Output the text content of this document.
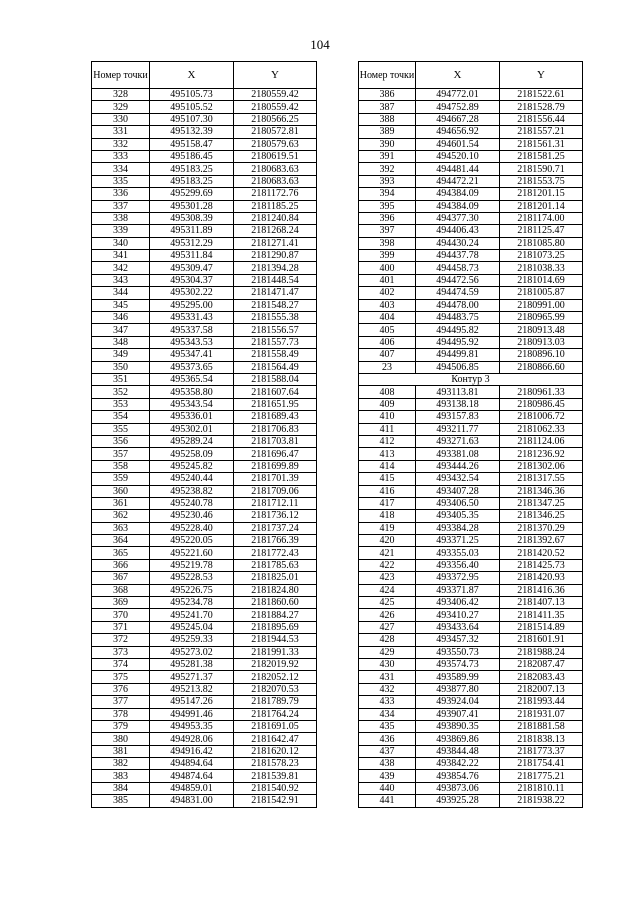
104
Номер точки	X	Y
328	495105.73	2180559.42
329	495105.52	2180559.42
330	495107.30	2180566.25
331	495132.39	2180572.81
332	495158.47	2180579.63
333	495186.45	2180619.51
334	495183.25	2180683.63
335	495183.25	2180683.63
336	495299.69	2181172.76
337	495301.28	2181185.25
338	495308.39	2181240.84
339	495311.89	2181268.24
340	495312.29	2181271.41
341	495311.84	2181290.87
342	495309.47	2181394.28
343	495304.37	2181448.54
344	495302.22	2181471.47
345	495295.00	2181548.27
346	495331.43	2181555.38
347	495337.58	2181556.57
348	495343.53	2181557.73
349	495347.41	2181558.49
350	495373.65	2181564.49
351	495365.54	2181588.04
352	495358.80	2181607.64
353	495343.54	2181651.95
354	495336.01	2181689.43
355	495302.01	2181706.83
356	495289.24	2181703.81
357	495258.09	2181696.47
358	495245.82	2181699.89
359	495240.44	2181701.39
360	495238.82	2181709.06
361	495240.78	2181712.11
362	495230.46	2181736.12
363	495228.40	2181737.24
364	495220.05	2181766.39
365	495221.60	2181772.43
366	495219.78	2181785.63
367	495228.53	2181825.01
368	495226.75	2181824.80
369	495234.78	2181860.60
370	495241.70	2181884.27
371	495245.04	2181895.69
372	495259.33	2181944.53
373	495273.02	2181991.33
374	495281.38	2182019.92
375	495271.37	2182052.12
376	495213.82	2182070.53
377	495147.26	2181789.79
378	494991.46	2181764.24
379	494953.35	2181691.05
380	494928.06	2181642.47
381	494916.42	2181620.12
382	494894.64	2181578.23
383	494874.64	2181539.81
384	494859.01	2181540.92
385	494831.00	2181542.91
Номер точки	X	Y
386	494772.01	2181522.61
387	494752.89	2181528.79
388	494667.28	2181556.44
389	494656.92	2181557.21
390	494601.54	2181561.31
391	494520.10	2181581.25
392	494481.44	2181590.71
393	494472.21	2181553.75
394	494384.09	2181201.15
395	494384.09	2181201.14
396	494377.30	2181174.00
397	494406.43	2181125.47
398	494430.24	2181085.80
399	494437.78	2181073.25
400	494458.73	2181038.33
401	494472.56	2181014.69
402	494474.59	2181005.87
403	494478.00	2180991.00
404	494483.75	2180965.99
405	494495.82	2180913.48
406	494495.92	2180913.03
407	494499.81	2180896.10
23	494506.85	2180866.60
Контур 3		
408	493113.81	2180961.33
409	493138.18	2180986.45
410	493157.83	2181006.72
411	493211.77	2181062.33
412	493271.63	2181124.06
413	493381.08	2181236.92
414	493444.26	2181302.06
415	493432.54	2181317.55
416	493407.28	2181346.36
417	493406.50	2181347.25
418	493405.35	2181346.25
419	493384.28	2181370.29
420	493371.25	2181392.67
421	493355.03	2181420.52
422	493356.40	2181425.73
423	493372.95	2181420.93
424	493371.87	2181416.36
425	493406.42	2181407.13
426	493410.27	2181411.35
427	493433.64	2181514.89
428	493457.32	2181601.91
429	493550.73	2181988.24
430	493574.73	2182087.47
431	493589.99	2182083.43
432	493877.80	2182007.13
433	493924.04	2181993.44
434	493907.41	2181931.07
435	493890.35	2181881.58
436	493869.86	2181838.13
437	493844.48	2181773.37
438	493842.22	2181754.41
439	493854.76	2181775.21
440	493873.06	2181810.11
441	493925.28	2181938.22
